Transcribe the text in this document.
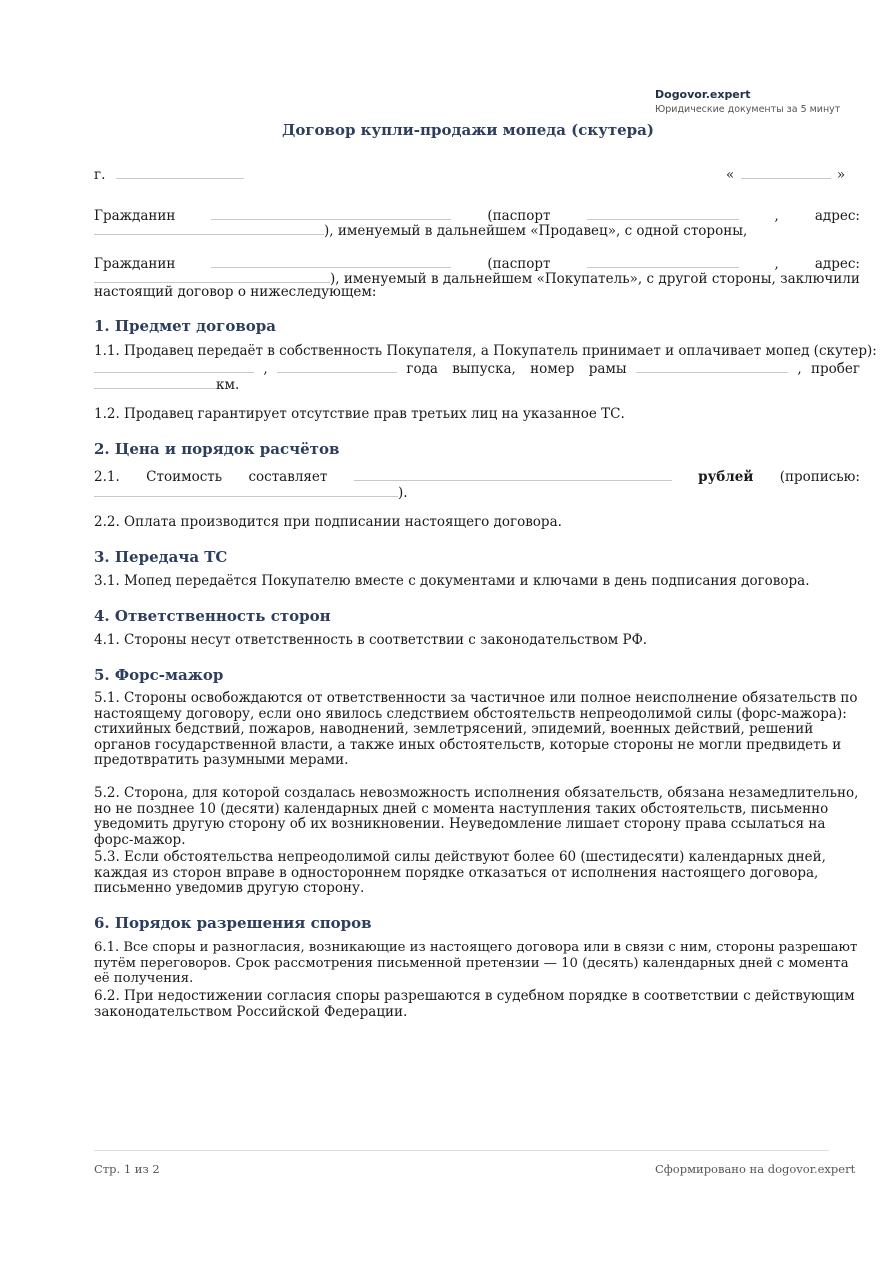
Dogovor.expert
Юридические документы за 5 минут
Договор купли-продажи мопеда (скутера)
г.	«	»
Гражданин	(паспорт	,	адрес:
), именуемый в дальнейшем «Продавец», с одной стороны,
Гражданин	(паспорт	,	адрес:
), именуемый в дальнейшем «Покупатель», с другой стороны, заключили
настоящий договор о нижеследующем:
1. Предмет договора
1.1. Продавец передаёт в собственность Покупателя, а Покупатель принимает и оплачивает мопед (скутер):
,	года выпуска, номер рамы	, пробег
км.
1.2. Продавец гарантирует отсутствие прав третьих лиц на указанное ТС.
2. Цена и порядок расчётов
2.1. Стоимость составляет	рублей (прописью:
).
2.2. Оплата производится при подписании настоящего договора.
3. Передача ТС
3.1. Мопед передаётся Покупателю вместе с документами и ключами в день подписания договора.
4. Ответственность сторон
4.1. Стороны несут ответственность в соответствии с законодательством РФ.
5. Форс-мажор
5.1. Стороны освобождаются от ответственности за частичное или полное неисполнение обязательств по настоящему договору, если оно явилось следствием обстоятельств непреодолимой силы (форс-мажора): стихийных бедствий, пожаров, наводнений, землетрясений, эпидемий, военных действий, решений органов государственной власти, а также иных обстоятельств, которые стороны не могли предвидеть и предотвратить разумными мерами.
5.2. Сторона, для которой создалась невозможность исполнения обязательств, обязана незамедлительно, но не позднее 10 (десяти) календарных дней с момента наступления таких обстоятельств, письменно уведомить другую сторону об их возникновении. Неуведомление лишает сторону права ссылаться на форс-мажор.
5.3. Если обстоятельства непреодолимой силы действуют более 60 (шестидесяти) календарных дней, каждая из сторон вправе в одностороннем порядке отказаться от исполнения настоящего договора, письменно уведомив другую сторону.
6. Порядок разрешения споров
6.1. Все споры и разногласия, возникающие из настоящего договора или в связи с ним, стороны разрешают путём переговоров. Срок рассмотрения письменной претензии — 10 (десять) календарных дней с момента её получения.
6.2. При недостижении согласия споры разрешаются в судебном порядке в соответствии с действующим законодательством Российской Федерации.
Стр. 1 из 2	Сформировано на dogovor.expert
